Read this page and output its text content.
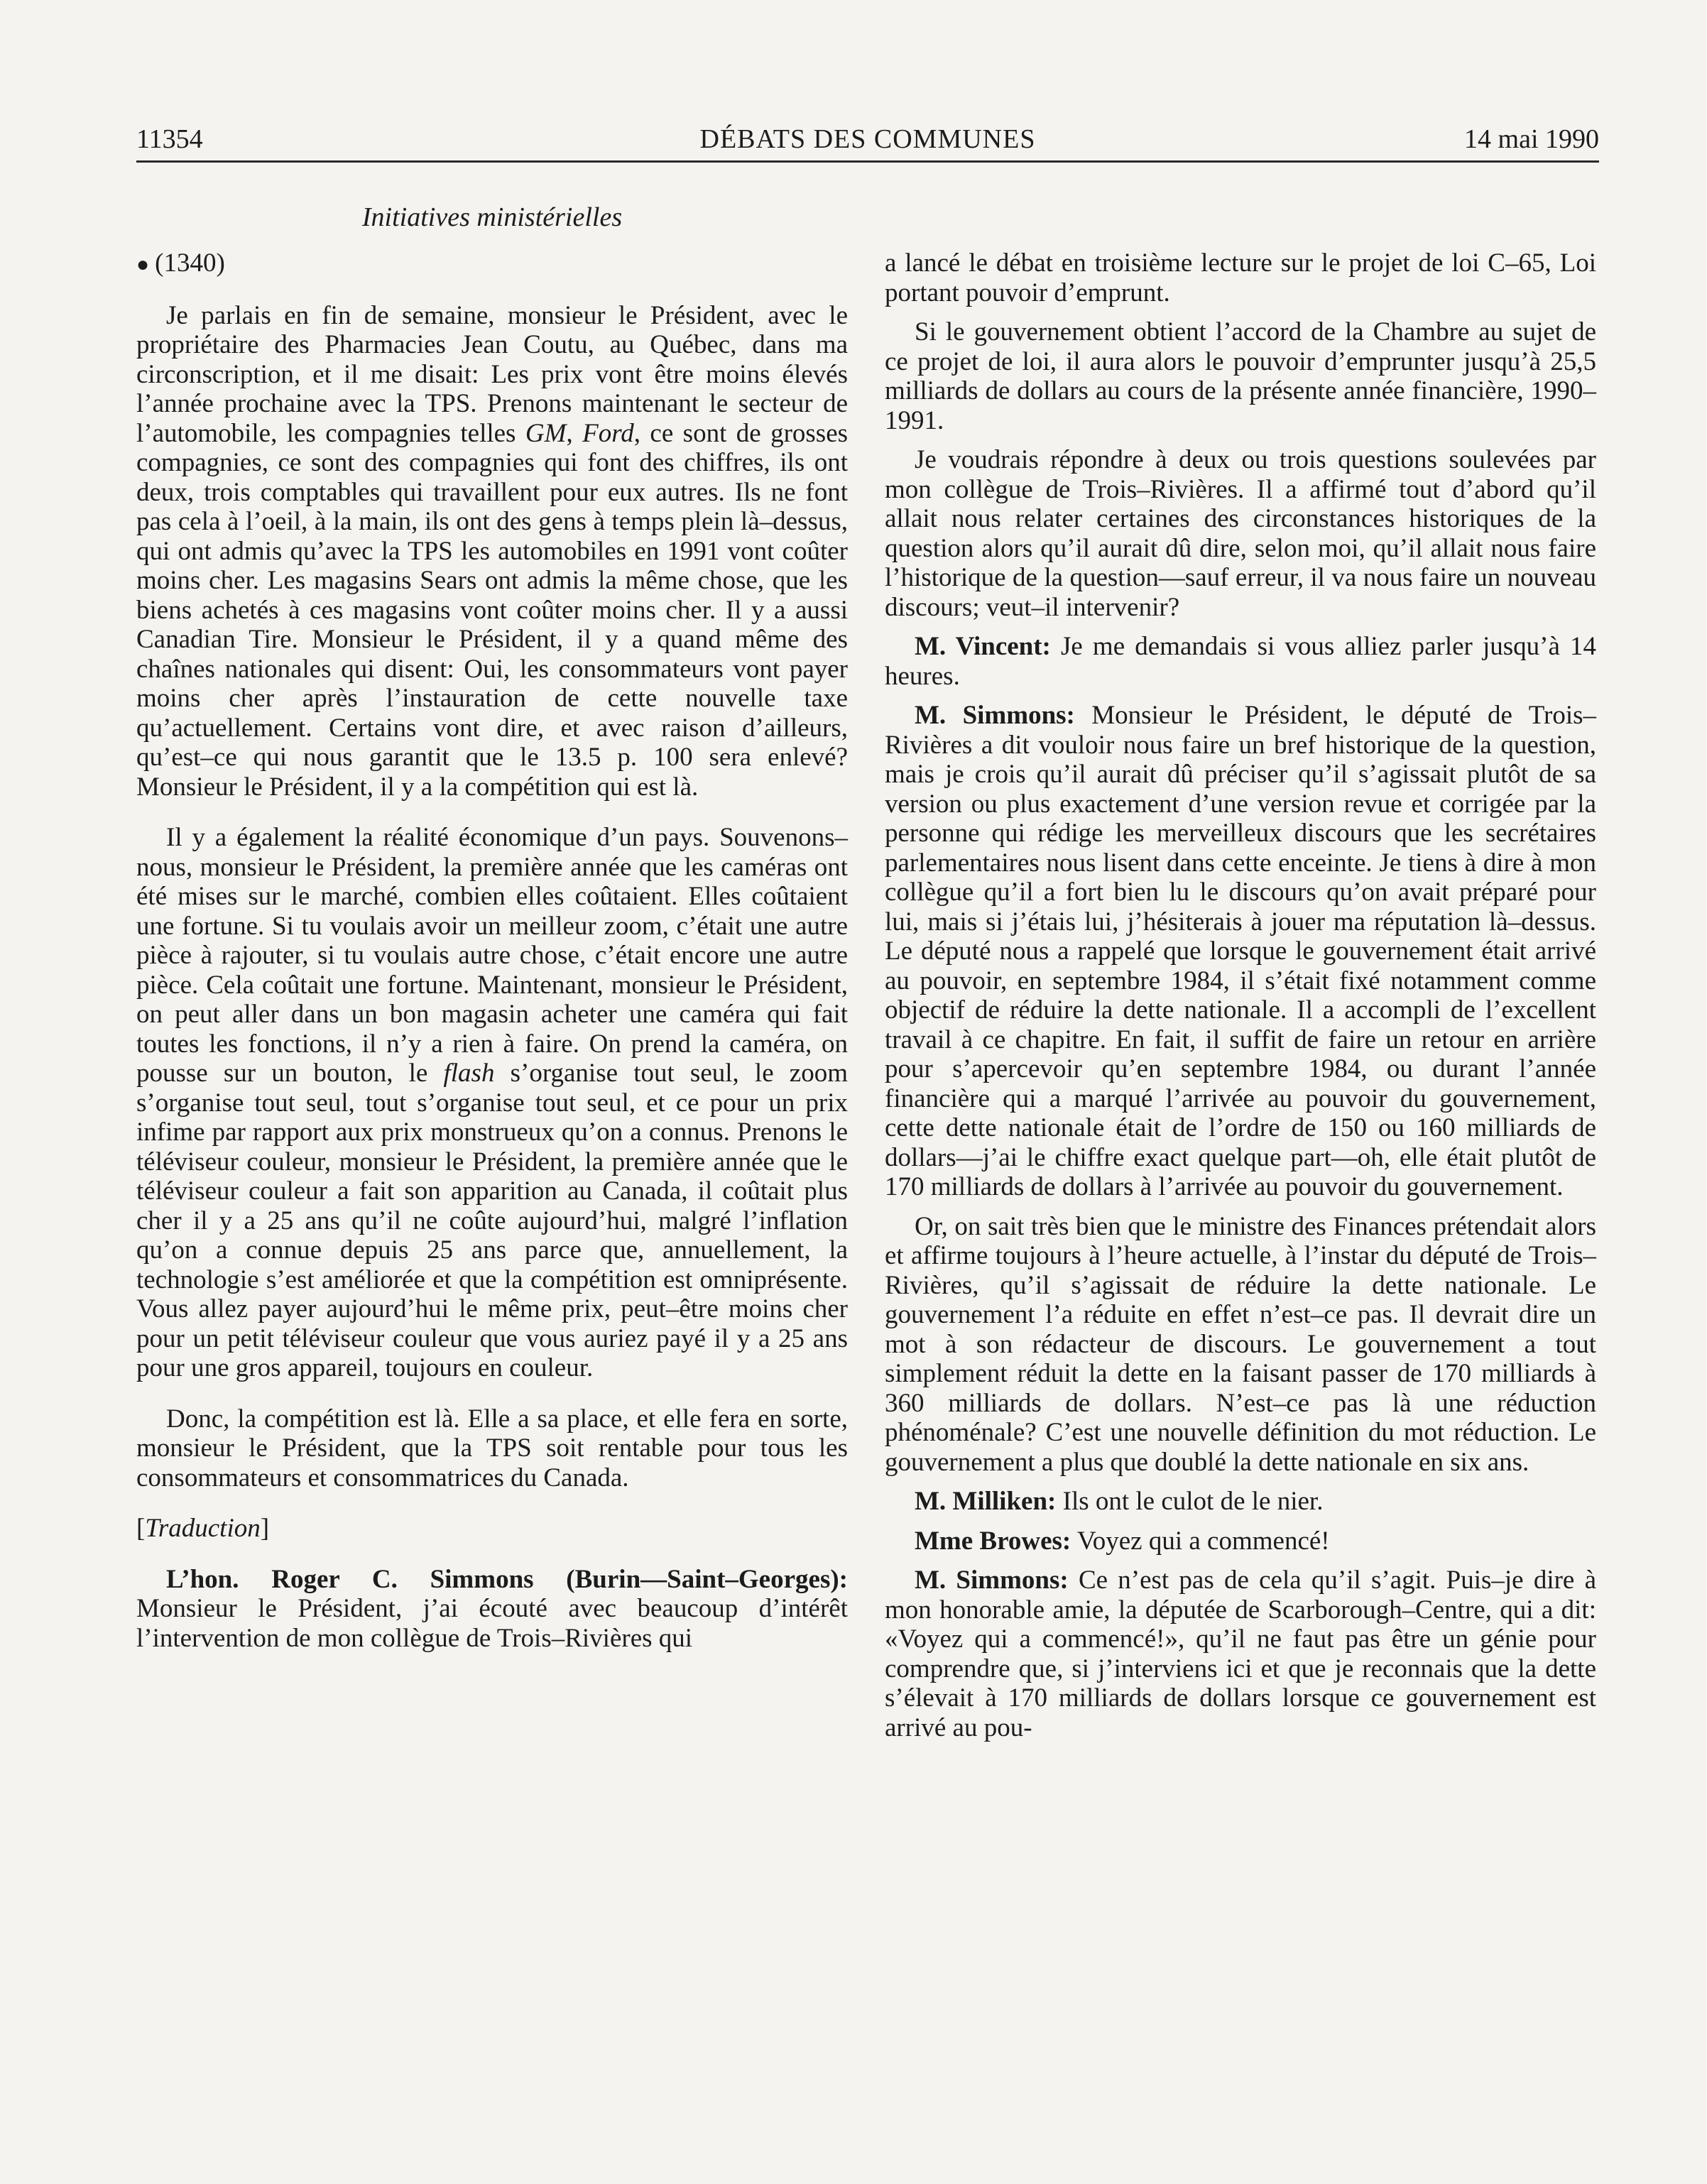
11354	DÉBATS DES COMMUNES	14 mai 1990
Initiatives ministérielles

● (1340)

Je parlais en fin de semaine, monsieur le Président, avec le propriétaire des Pharmacies Jean Coutu, au Québec, dans ma circonscription, et il me disait: Les prix vont être moins élevés l’année prochaine avec la TPS. Prenons maintenant le secteur de l’automobile, les compagnies telles GM, Ford, ce sont de grosses compagnies, ce sont des compagnies qui font des chiffres, ils ont deux, trois comptables qui travaillent pour eux autres. Ils ne font pas cela à l’oeil, à la main, ils ont des gens à temps plein là–dessus, qui ont admis qu’avec la TPS les automobiles en 1991 vont coûter moins cher. Les magasins Sears ont admis la même chose, que les biens achetés à ces magasins vont coûter moins cher. Il y a aussi Canadian Tire. Monsieur le Président, il y a quand même des chaînes nationales qui disent: Oui, les consommateurs vont payer moins cher après l’instauration de cette nouvelle taxe qu’actuellement. Certains vont dire, et avec raison d’ailleurs, qu’est–ce qui nous garantit que le 13.5 p. 100 sera enlevé? Monsieur le Président, il y a la compétition qui est là.

Il y a également la réalité économique d’un pays. Souvenons–nous, monsieur le Président, la première année que les caméras ont été mises sur le marché, combien elles coûtaient. Elles coûtaient une fortune. Si tu voulais avoir un meilleur zoom, c’était une autre pièce à rajouter, si tu voulais autre chose, c’était encore une autre pièce. Cela coûtait une fortune. Maintenant, monsieur le Président, on peut aller dans un bon magasin acheter une caméra qui fait toutes les fonctions, il n’y a rien à faire. On prend la caméra, on pousse sur un bouton, le flash s’organise tout seul, le zoom s’organise tout seul, tout s’organise tout seul, et ce pour un prix infime par rapport aux prix monstrueux qu’on a connus. Prenons le téléviseur couleur, monsieur le Président, la première année que le téléviseur couleur a fait son apparition au Canada, il coûtait plus cher il y a 25 ans qu’il ne coûte aujourd’hui, malgré l’inflation qu’on a connue depuis 25 ans parce que, annuellement, la technologie s’est améliorée et que la compétition est omniprésente. Vous allez payer aujourd’hui le même prix, peut–être moins cher pour un petit téléviseur couleur que vous auriez payé il y a 25 ans pour une gros appareil, toujours en couleur.

Donc, la compétition est là. Elle a sa place, et elle fera en sorte, monsieur le Président, que la TPS soit rentable pour tous les consommateurs et consommatrices du Canada.

[Traduction]

L’hon. Roger C. Simmons (Burin—Saint–Georges): Monsieur le Président, j’ai écouté avec beaucoup d’intérêt l’intervention de mon collègue de Trois–Rivières qui

a lancé le débat en troisième lecture sur le projet de loi C–65, Loi portant pouvoir d’emprunt.

Si le gouvernement obtient l’accord de la Chambre au sujet de ce projet de loi, il aura alors le pouvoir d’emprunter jusqu’à 25,5 milliards de dollars au cours de la présente année financière, 1990–1991.

Je voudrais répondre à deux ou trois questions soulevées par mon collègue de Trois–Rivières. Il a affirmé tout d’abord qu’il allait nous relater certaines des circonstances historiques de la question alors qu’il aurait dû dire, selon moi, qu’il allait nous faire l’historique de la question—sauf erreur, il va nous faire un nouveau discours; veut–il intervenir?

M. Vincent: Je me demandais si vous alliez parler jusqu’à 14 heures.

M. Simmons: Monsieur le Président, le député de Trois–Rivières a dit vouloir nous faire un bref historique de la question, mais je crois qu’il aurait dû préciser qu’il s’agissait plutôt de sa version ou plus exactement d’une version revue et corrigée par la personne qui rédige les merveilleux discours que les secrétaires parlementaires nous lisent dans cette enceinte. Je tiens à dire à mon collègue qu’il a fort bien lu le discours qu’on avait préparé pour lui, mais si j’étais lui, j’hésiterais à jouer ma réputation là–dessus. Le député nous a rappelé que lorsque le gouvernement était arrivé au pouvoir, en septembre 1984, il s’était fixé notamment comme objectif de réduire la dette nationale. Il a accompli de l’excellent travail à ce chapitre. En fait, il suffit de faire un retour en arrière pour s’apercevoir qu’en septembre 1984, ou durant l’année financière qui a marqué l’arrivée au pouvoir du gouvernement, cette dette nationale était de l’ordre de 150 ou 160 milliards de dollars—j’ai le chiffre exact quelque part—oh, elle était plutôt de 170 milliards de dollars à l’arrivée au pouvoir du gouvernement.

Or, on sait très bien que le ministre des Finances prétendait alors et affirme toujours à l’heure actuelle, à l’instar du député de Trois–Rivières, qu’il s’agissait de réduire la dette nationale. Le gouvernement l’a réduite en effet n’est–ce pas. Il devrait dire un mot à son rédacteur de discours. Le gouvernement a tout simplement réduit la dette en la faisant passer de 170 milliards à 360 milliards de dollars. N’est–ce pas là une réduction phénoménale? C’est une nouvelle définition du mot réduction. Le gouvernement a plus que doublé la dette nationale en six ans.

M. Milliken: Ils ont le culot de le nier.

Mme Browes: Voyez qui a commencé!

M. Simmons: Ce n’est pas de cela qu’il s’agit. Puis–je dire à mon honorable amie, la députée de Scarborough–Centre, qui a dit: «Voyez qui a commencé!», qu’il ne faut pas être un génie pour comprendre que, si j’interviens ici et que je reconnais que la dette s’élevait à 170 milliards de dollars lorsque ce gouvernement est arrivé au pou-
